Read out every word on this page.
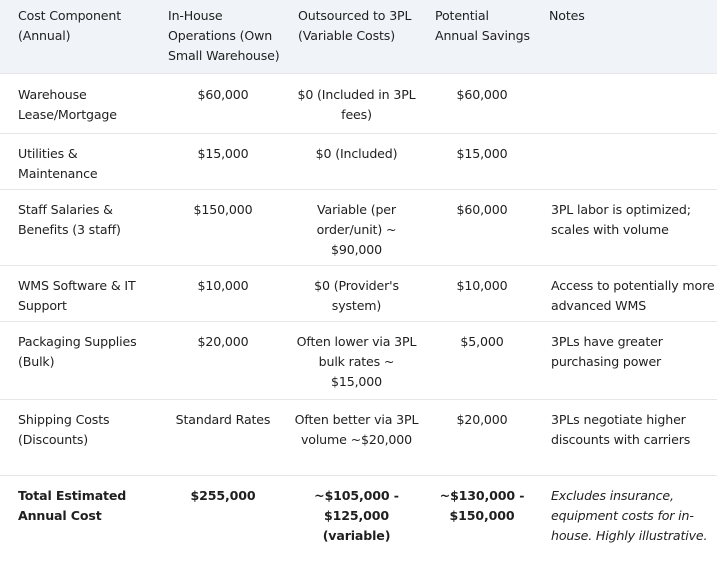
Cost Component (Annual)	In-House Operations (Own Small Warehouse)	Outsourced to 3PL (Variable Costs)	Potential Annual Savings	Notes

Warehouse Lease/Mortgage	$60,000	$0 (Included in 3PL fees)	$60,000	

Utilities & Maintenance	$15,000	$0 (Included)	$15,000	

Staff Salaries & Benefits (3 staff)	$150,000	Variable (per order/unit) ~ $90,000	$60,000	3PL labor is optimized; scales with volume

WMS Software & IT Support	$10,000	$0 (Provider's system)	$10,000	Access to potentially more advanced WMS

Packaging Supplies (Bulk)	$20,000	Often lower via 3PL bulk rates ~ $15,000	$5,000	3PLs have greater purchasing power

Shipping Costs (Discounts)	Standard Rates	Often better via 3PL volume ~$20,000	$20,000	3PLs negotiate higher discounts with carriers

Total Estimated Annual Cost	$255,000	~$105,000 - $125,000 (variable)	~$130,000 - $150,000	Excludes insurance, equipment costs for in-house. Highly illustrative.
